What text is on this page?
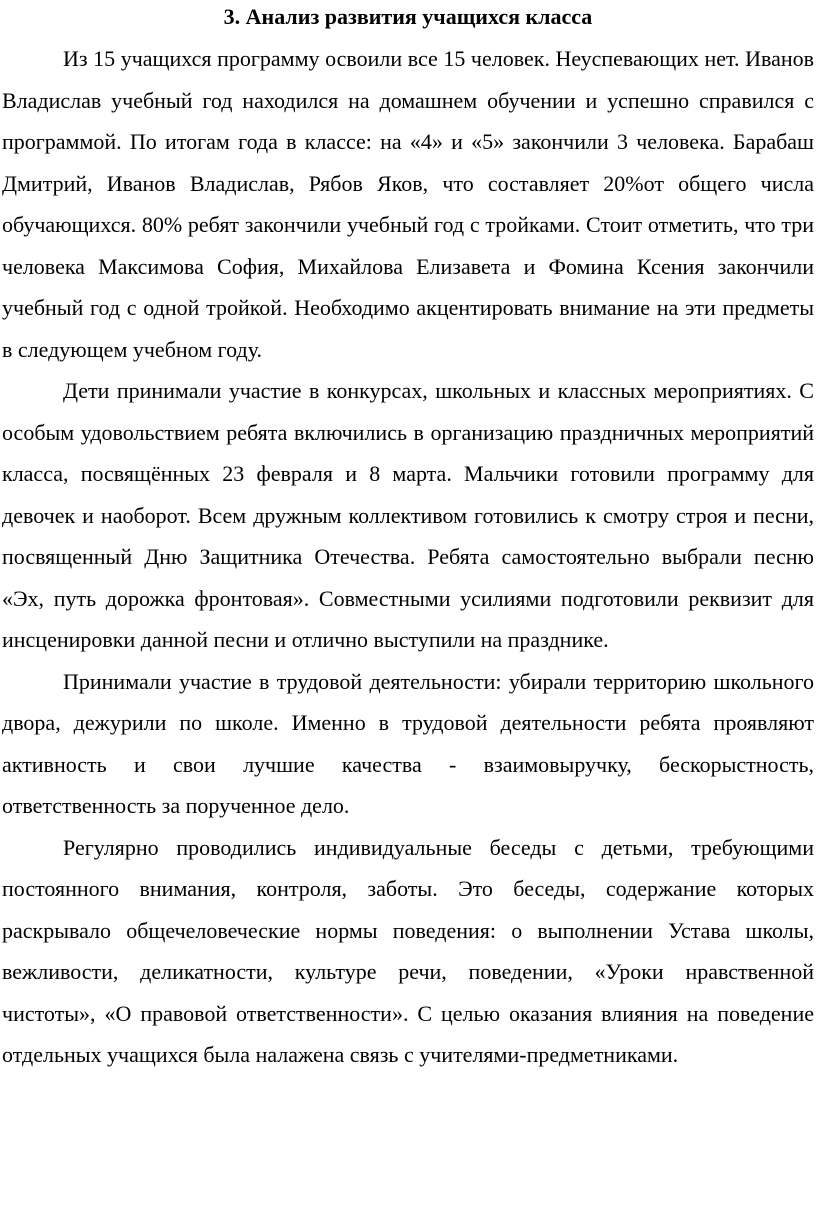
3. Анализ развития учащихся класса

Из 15 учащихся программу освоили все 15 человек. Неуспевающих нет. Иванов Владислав учебный год находился на домашнем обучении и успешно справился с программой. По итогам года в классе: на «4» и «5» закончили 3 человека. Барабаш Дмитрий, Иванов Владислав, Рябов Яков, что составляет 20%от общего числа обучающихся. 80% ребят закончили учебный год с тройками. Стоит отметить, что три человека Максимова София, Михайлова Елизавета и Фомина Ксения закончили учебный год с одной тройкой. Необходимо акцентировать внимание на эти предметы в следующем учебном году.

Дети принимали участие в конкурсах, школьных и классных мероприятиях. С особым удовольствием ребята включились в организацию праздничных мероприятий класса, посвящённых 23 февраля и 8 марта. Мальчики готовили программу для девочек и наоборот. Всем дружным коллективом готовились к смотру строя и песни, посвященный Дню Защитника Отечества. Ребята самостоятельно выбрали песню «Эх, путь дорожка фронтовая». Совместными усилиями подготовили реквизит для инсценировки данной песни и отлично выступили на празднике.

Принимали участие в трудовой деятельности: убирали территорию школьного двора, дежурили по школе. Именно в трудовой деятельности ребята проявляют активность и свои лучшие качества - взаимовыручку, бескорыстность, ответственность за порученное дело.

Регулярно проводились индивидуальные беседы с детьми, требующими постоянного внимания, контроля, заботы. Это беседы, содержание которых раскрывало общечеловеческие нормы поведения: о выполнении Устава школы, вежливости, деликатности, культуре речи, поведении, «Уроки нравственной чистоты», «О правовой ответственности». С целью оказания влияния на поведение отдельных учащихся была налажена связь с учителями-предметниками.
